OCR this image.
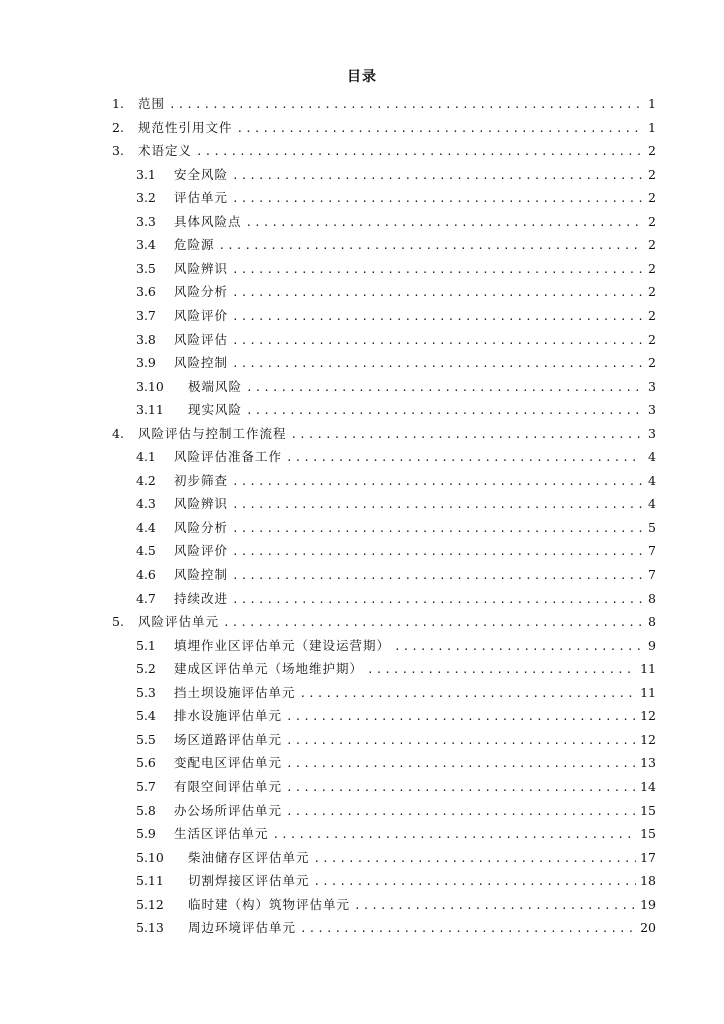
目录
1.	范围 .....	1
2.	规范性引用文件 .....	1
3.	术语定义 .....	2
3.1	安全风险 .....	2
3.2	评估单元 .....	2
3.3	具体风险点 .....	2
3.4	危险源 .....	2
3.5	风险辨识 .....	2
3.6	风险分析 .....	2
3.7	风险评价 .....	2
3.8	风险评估 .....	2
3.9	风险控制 .....	2
3.10	极端风险 .....	3
3.11	现实风险 .....	3
4.	风险评估与控制工作流程 .....	3
4.1	风险评估准备工作 .....	4
4.2	初步筛查 .....	4
4.3	风险辨识 .....	4
4.4	风险分析 .....	5
4.5	风险评价 .....	7
4.6	风险控制 .....	7
4.7	持续改进 .....	8
5.	风险评估单元 .....	8
5.1	填埋作业区评估单元（建设运营期） .....	9
5.2	建成区评估单元（场地维护期） .....	11
5.3	挡土坝设施评估单元 .....	11
5.4	排水设施评估单元 .....	12
5.5	场区道路评估单元 .....	12
5.6	变配电区评估单元 .....	13
5.7	有限空间评估单元 .....	14
5.8	办公场所评估单元 .....	15
5.9	生活区评估单元 .....	15
5.10	柴油储存区评估单元 .....	17
5.11	切割焊接区评估单元 .....	18
5.12	临时建（构）筑物评估单元 .....	19
5.13	周边环境评估单元 .....	20
